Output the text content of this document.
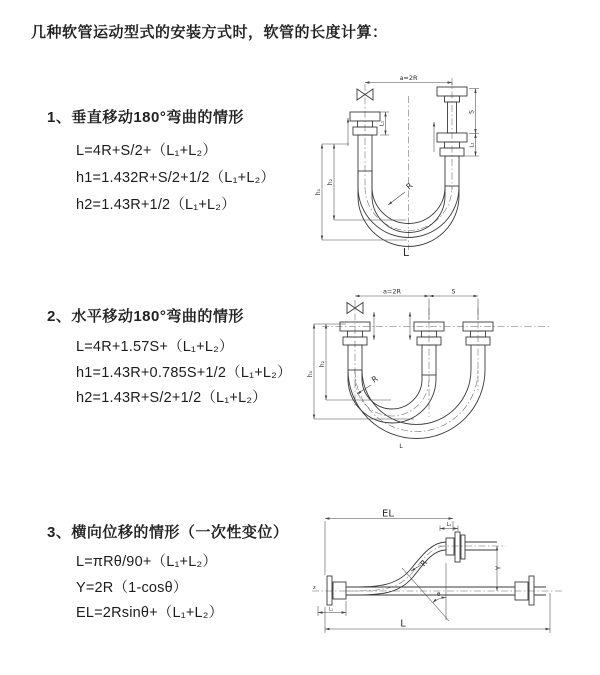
几种软管运动型式的安装方式时，软管的长度计算：
1、垂直移动180°弯曲的情形
L=4R+S/2+（L₁+L₂）
h1=1.432R+S/2+1/2（L₁+L₂）
h2=1.43R+1/2（L₁+L₂）
2、水平移动180°弯曲的情形
L=4R+1.57S+（L₁+L₂）
h1=1.43R+0.785S+1/2（L₁+L₂）
h2=1.43R+S/2+1/2（L₁+L₂）
3、横向位移的情形（一次性变位）
L=πRθ/90+（L₁+L₂）
Y=2R（1-cosθ）
EL=2Rsinθ+（L₁+L₂）
a=2R
S
L₁
L₁
h₂
h₁
R
L
a=2R	S
h₂
h₁
R
L
EL
L₁
Y
R
θ
L₁
L
z
